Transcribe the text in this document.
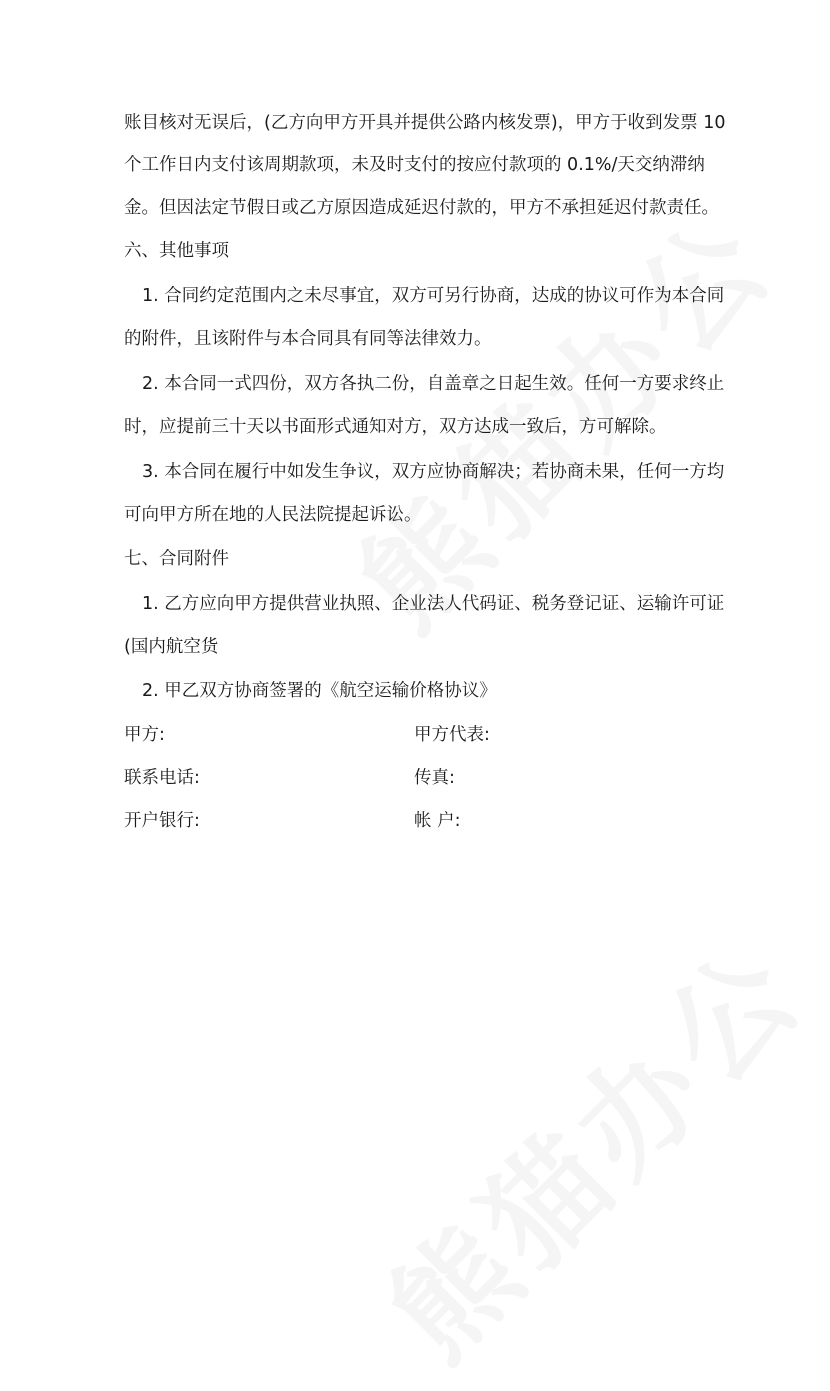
账目核对无误后，(乙方向甲方开具并提供公路内核发票)，甲方于收到发票 10
个工作日内支付该周期款项，未及时支付的按应付款项的 0.1%/天交纳滞纳
金。但因法定节假日或乙方原因造成延迟付款的，甲方不承担延迟付款责任。
六、其他事项
1. 合同约定范围内之未尽事宜，双方可另行协商，达成的协议可作为本合同
的附件，且该附件与本合同具有同等法律效力。
2. 本合同一式四份，双方各执二份，自盖章之日起生效。任何一方要求终止
时，应提前三十天以书面形式通知对方，双方达成一致后，方可解除。
3. 本合同在履行中如发生争议，双方应协商解决；若协商未果，任何一方均
可向甲方所在地的人民法院提起诉讼。
七、合同附件
1. 乙方应向甲方提供营业执照、企业法人代码证、税务登记证、运输许可证
(国内航空货
2. 甲乙双方协商签署的《航空运输价格协议》
甲方:	甲方代表:
联系电话:	传真:
开户银行:	帐 户:
